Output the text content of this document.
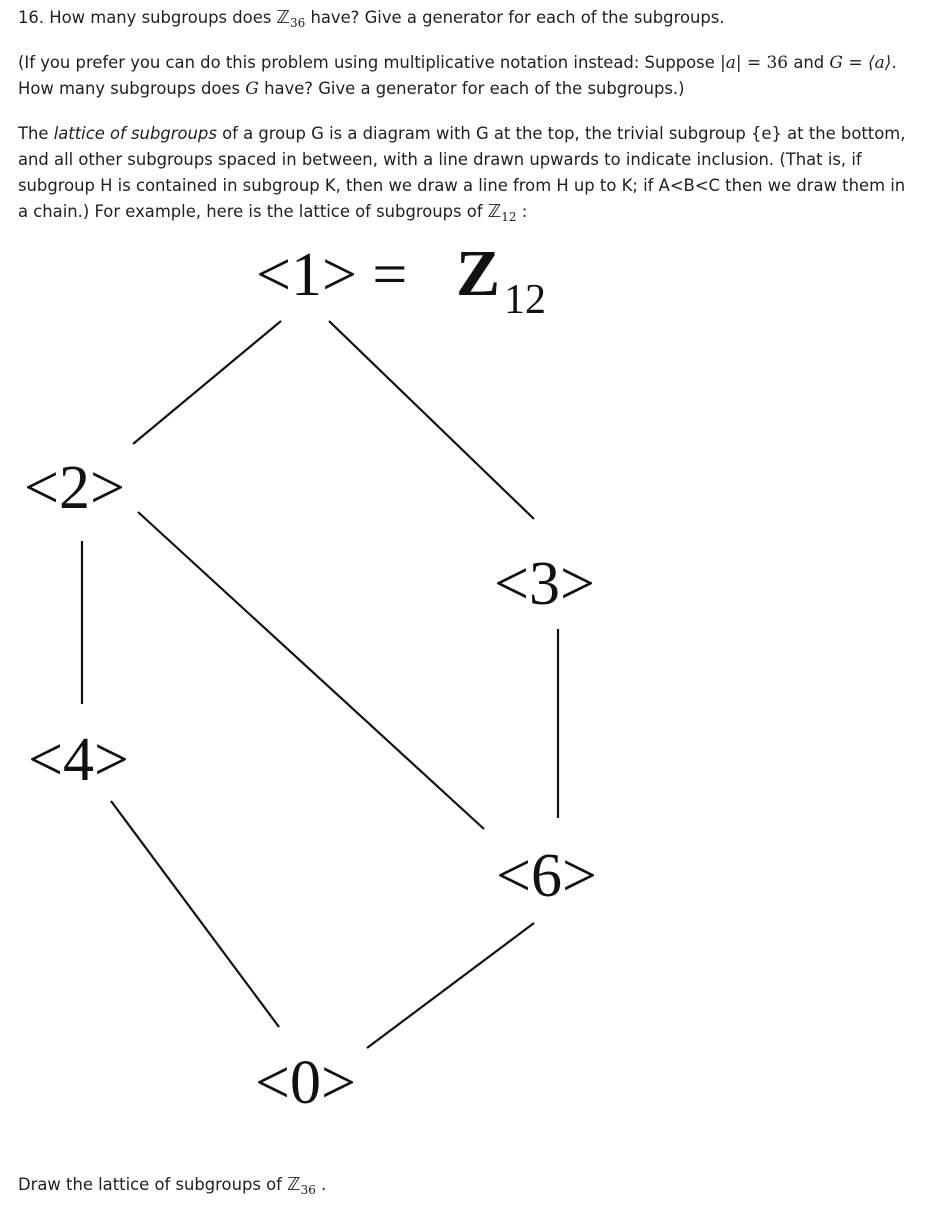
16. How many subgroups does ℤ$_{36}$ have? Give a generator for each of the subgroups.

(If you prefer you can do this problem using multiplicative notation instead: Suppose |a| = 36 and G = ⟨a⟩.
How many subgroups does G have? Give a generator for each of the subgroups.)

The lattice of subgroups of a group G is a diagram with G at the top, the trivial subgroup {e} at the bottom, and all other subgroups spaced in between, with a line drawn upwards to indicate inclusion. (That is, if subgroup H is contained in subgroup K, then we draw a line from H up to K; if A<B<C then we draw them in a chain.) For example, here is the lattice of subgroups of ℤ$_{12}$ :

<1> = Z 12
<2>
<3>
<4>
<6>
<0>

Draw the lattice of subgroups of ℤ$_{36}$ .
